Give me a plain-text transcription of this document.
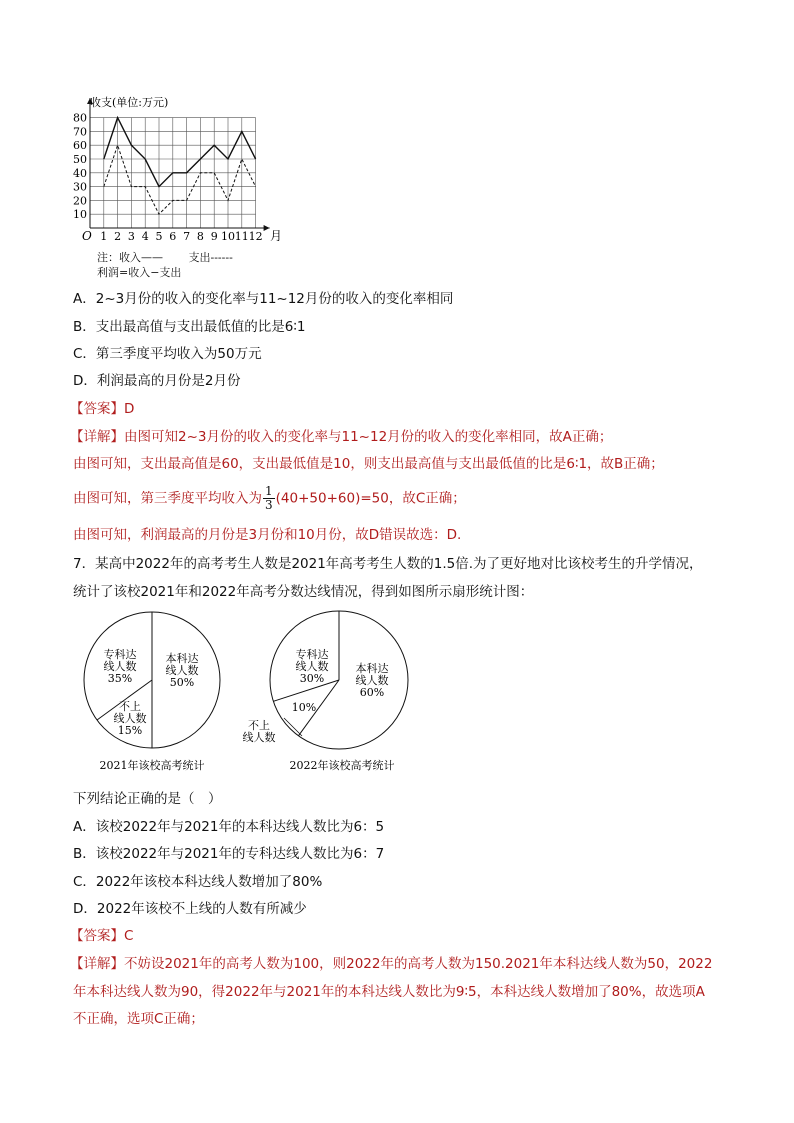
10
20
30
40
50
60
70
80
1 2 3 4 5 6 7 8 9 10 11 12
收支(单位:万元)
月
O
注：收入—— 支出------
利润=收入−支出
A．2~3月份的收入的变化率与11~12月份的收入的变化率相同
B．支出最高值与支出最低值的比是6∶1
C．第三季度平均收入为50万元
D．利润最高的月份是2月份
【答案】D
【详解】由图可知2~3月份的收入的变化率与11~12月份的收入的变化率相同，故A正确；
由图可知，支出最高值是60，支出最低值是10，则支出最高值与支出最低值的比是6∶1，故B正确；
由图可知，第三季度平均收入为 $\frac{1}{3} (40+50+60)=50$，故C正确；
由图可知，利润最高的月份是3月份和10月份，故D错误故选：D.
7．某高中2022年的高考考生人数是2021年高考考生人数的1.5倍.为了更好地对比该校考生的升学情况，
统计了该校2021年和2022年高考分数达线情况，得到如图所示扇形统计图：
本科达
线人数
50%
专科达
线人数
35%
不上
线人数
15%
2021年该校高考统计
本科达
线人数
60%
专科达
线人数
30%
10%
不上
线人数
2022年该校高考统计
下列结论正确的是（　）
A．该校2022年与2021年的本科达线人数比为6：5
B．该校2022年与2021年的专科达线人数比为6：7
C．2022年该校本科达线人数增加了80%
D．2022年该校不上线的人数有所减少
【答案】C
【详解】不妨设2021年的高考人数为100，则2022年的高考人数为150.2021年本科达线人数为50，2022
年本科达线人数为90，得2022年与2021年的本科达线人数比为9∶5，本科达线人数增加了80%，故选项A
不正确，选项C正确；
